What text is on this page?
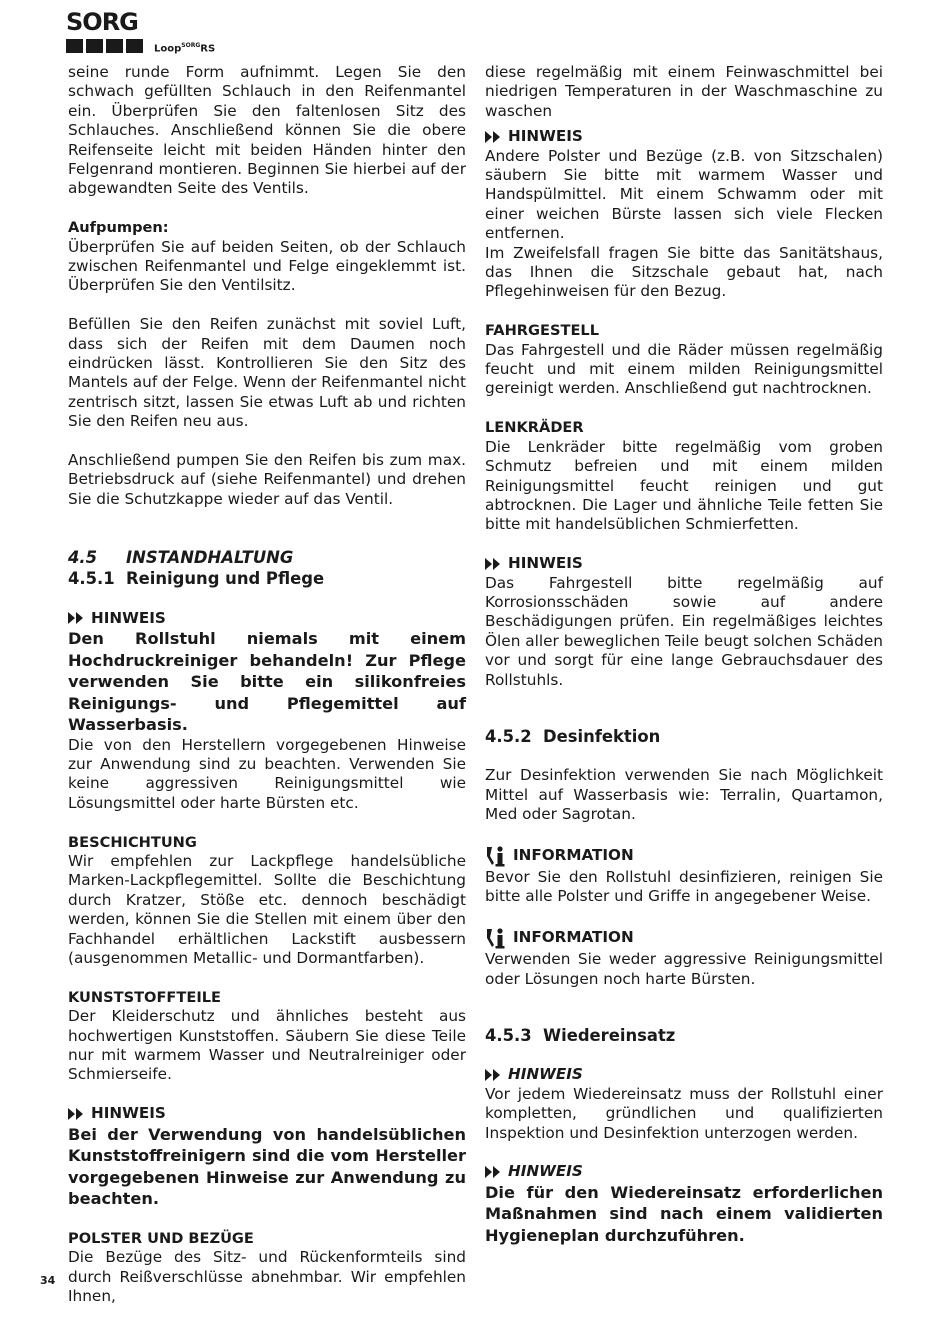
SORG
Loop$^{SORG}$RS

seine runde Form aufnimmt. Legen Sie den schwach gefüllten Schlauch in den Reifenmantel ein. Überprüfen Sie den faltenlosen Sitz des Schlauches. Anschließend können Sie die obere Reifenseite leicht mit beiden Händen hinter den Felgenrand montieren. Beginnen Sie hierbei auf der abgewandten Seite des Ventils.

Aufpumpen:

Überprüfen Sie auf beiden Seiten, ob der Schlauch zwischen Reifenmantel und Felge eingeklemmt ist. Überprüfen Sie den Ventilsitz.

Befüllen Sie den Reifen zunächst mit soviel Luft, dass sich der Reifen mit dem Daumen noch eindrücken lässt. Kontrollieren Sie den Sitz des Mantels auf der Felge. Wenn der Reifenmantel nicht zentrisch sitzt, lassen Sie etwas Luft ab und richten Sie den Reifen neu aus.

Anschließend pumpen Sie den Reifen bis zum max. Betriebsdruck auf (siehe Reifenmantel) und drehen Sie die Schutzkappe wieder auf das Ventil.

4.5	INSTANDHALTUNG
4.5.1 Reinigung und Pflege
HINWEIS
Den Rollstuhl niemals mit einem Hochdruckreiniger behandeln! Zur Pflege verwenden Sie bitte ein silikonfreies Reinigungs- und Pflegemittel auf Wasserbasis.

Die von den Herstellern vorgegebenen Hinweise zur Anwendung sind zu beachten. Verwenden Sie keine aggressiven Reinigungsmittel wie Lösungsmittel oder harte Bürsten etc.

BESCHICHTUNG

Wir empfehlen zur Lackpflege handelsübliche Marken-Lackpflegemittel. Sollte die Beschichtung durch Kratzer, Stöße etc. dennoch beschädigt werden, können Sie die Stellen mit einem über den Fachhandel erhältlichen Lackstift ausbessern (ausgenommen Metallic- und Dormantfarben).

KUNSTSTOFFTEILE

Der Kleiderschutz und ähnliches besteht aus hochwertigen Kunststoffen. Säubern Sie diese Teile nur mit warmem Wasser und Neutralreiniger oder Schmierseife.

HINWEIS
Bei der Verwendung von handelsüblichen Kunststoffreinigern sind die vom Hersteller vorgegebenen Hinweise zur Anwendung zu beachten.
POLSTER UND BEZÜGE

Die Bezüge des Sitz- und Rückenformteils sind durch Reißverschlüsse abnehmbar. Wir empfehlen Ihnen,

diese regelmäßig mit einem Feinwaschmittel bei niedrigen Temperaturen in der Waschmaschine zu waschen

HINWEIS

Andere Polster und Bezüge (z.B. von Sitzschalen) säubern Sie bitte mit warmem Wasser und Handspülmittel. Mit einem Schwamm oder mit einer weichen Bürste lassen sich viele Flecken entfernen.

Im Zweifelsfall fragen Sie bitte das Sanitätshaus, das Ihnen die Sitzschale gebaut hat, nach Pflegehinweisen für den Bezug.

FAHRGESTELL

Das Fahrgestell und die Räder müssen regelmäßig feucht und mit einem milden Reinigungsmittel gereinigt werden. Anschließend gut nachtrocknen.

LENKRÄDER

Die Lenkräder bitte regelmäßig vom groben Schmutz befreien und mit einem milden Reinigungsmittel feucht reinigen und gut abtrocknen. Die Lager und ähnliche Teile fetten Sie bitte mit handelsüblichen Schmierfetten.

HINWEIS

Das Fahrgestell bitte regelmäßig auf Korrosionsschäden sowie auf andere Beschädigungen prüfen. Ein regelmäßiges leichtes Ölen aller beweglichen Teile beugt solchen Schäden vor und sorgt für eine lange Gebrauchsdauer des Rollstuhls.

4.5.2 Desinfektion

Zur Desinfektion verwenden Sie nach Möglichkeit Mittel auf Wasserbasis wie: Terralin, Quartamon, Med oder Sagrotan.

INFORMATION

Bevor Sie den Rollstuhl desinfizieren, reinigen Sie bitte alle Polster und Griffe in angegebener Weise.

INFORMATION

Verwenden Sie weder aggressive Reinigungsmittel oder Lösungen noch harte Bürsten.

4.5.3 Wiedereinsatz
HINWEIS

Vor jedem Wiedereinsatz muss der Rollstuhl einer kompletten, gründlichen und qualifizierten Inspektion und Desinfektion unterzogen werden.

HINWEIS
Die für den Wiedereinsatz erforderlichen Maßnahmen sind nach einem validierten Hygieneplan durchzuführen.
34
